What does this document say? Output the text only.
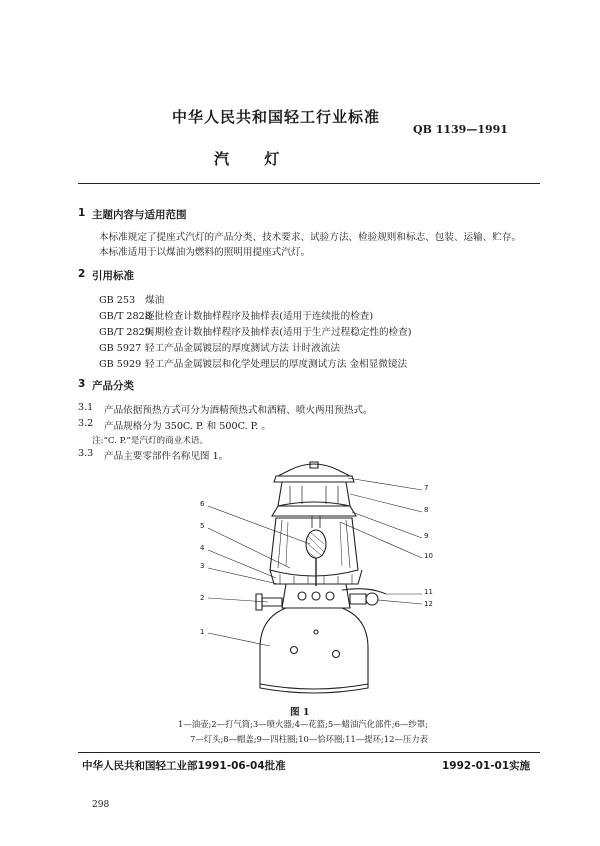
中华人民共和国轻工行业标准
QB 1139—1991
汽 灯
1 主题内容与适用范围
本标准规定了提座式汽灯的产品分类、技术要求、试验方法、检验规则和标志、包装、运输、贮存。
本标准适用于以煤油为燃料的照明用提座式汽灯。
2 引用标准
GB 253 煤油
GB/T 2828逐批检查计数抽样程序及抽样表(适用于连续批的检查)
GB/T 2829周期检查计数抽样程序及抽样表(适用于生产过程稳定性的检查)
GB 5927 轻工产品金属镀层的厚度测试方法 计时液流法
GB 5929 轻工产品金属镀层和化学处理层的厚度测试方法 金相显微镜法
3 产品分类
3.1 产品依据预热方式可分为酒精预热式和酒精、喷火两用预热式。
3.2 产品规格分为 350C. P. 和 500C. P. 。
注:“C. P.”是汽灯的商业术语。
3.3 产品主要零部件名称见图 1。
6
5
4
3
2
1
7
8
9
10
11
12
图 1
1—油壶;2—打气筒;3—喷火器;4—花篮;5—蜡油汽化部件;6—纱罩;
7—灯头;8—帽盖;9—四柱圈;10—恰环圈;11—提环;12—压力表
中华人民共和国轻工业部1991-06-04批准	1992-01-01实施
298
